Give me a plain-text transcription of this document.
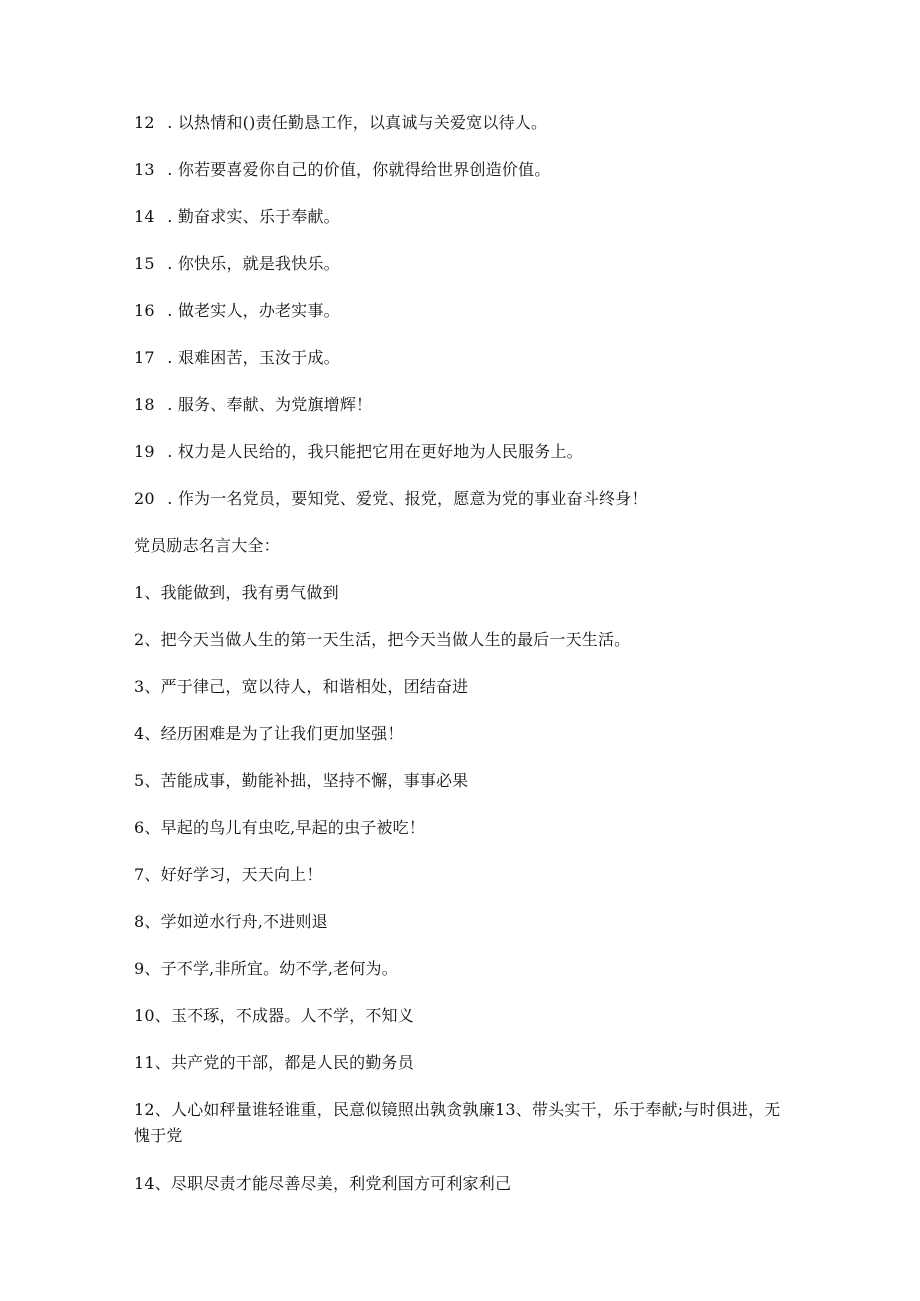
12 . 以热情和()责任勤恳工作，以真诚与关爱宽以待人。
13 . 你若要喜爱你自己的价值，你就得给世界创造价值。
14 . 勤奋求实、乐于奉献。
15 . 你快乐，就是我快乐。
16 . 做老实人，办老实事。
17 . 艰难困苦，玉汝于成。
18 . 服务、奉献、为党旗增辉！
19 . 权力是人民给的，我只能把它用在更好地为人民服务上。
20 . 作为一名党员，要知党、爱党、报党，愿意为党的事业奋斗终身！
党员励志名言大全：
1、我能做到，我有勇气做到
2、把今天当做人生的第一天生活，把今天当做人生的最后一天生活。
3、严于律己，宽以待人，和谐相处，团结奋进
4、经历困难是为了让我们更加坚强！
5、苦能成事，勤能补拙，坚持不懈，事事必果
6、早起的鸟儿有虫吃,早起的虫子被吃！
7、好好学习，天天向上！
8、学如逆水行舟,不进则退
9、子不学,非所宜。幼不学,老何为。
10、玉不琢，不成器。人不学，不知义
11、共产党的干部，都是人民的勤务员
12、人心如秤量谁轻谁重，民意似镜照出孰贪孰廉13、带头实干，乐于奉献;与时俱进，无愧于党
14、尽职尽责才能尽善尽美，利党利国方可利家利己
